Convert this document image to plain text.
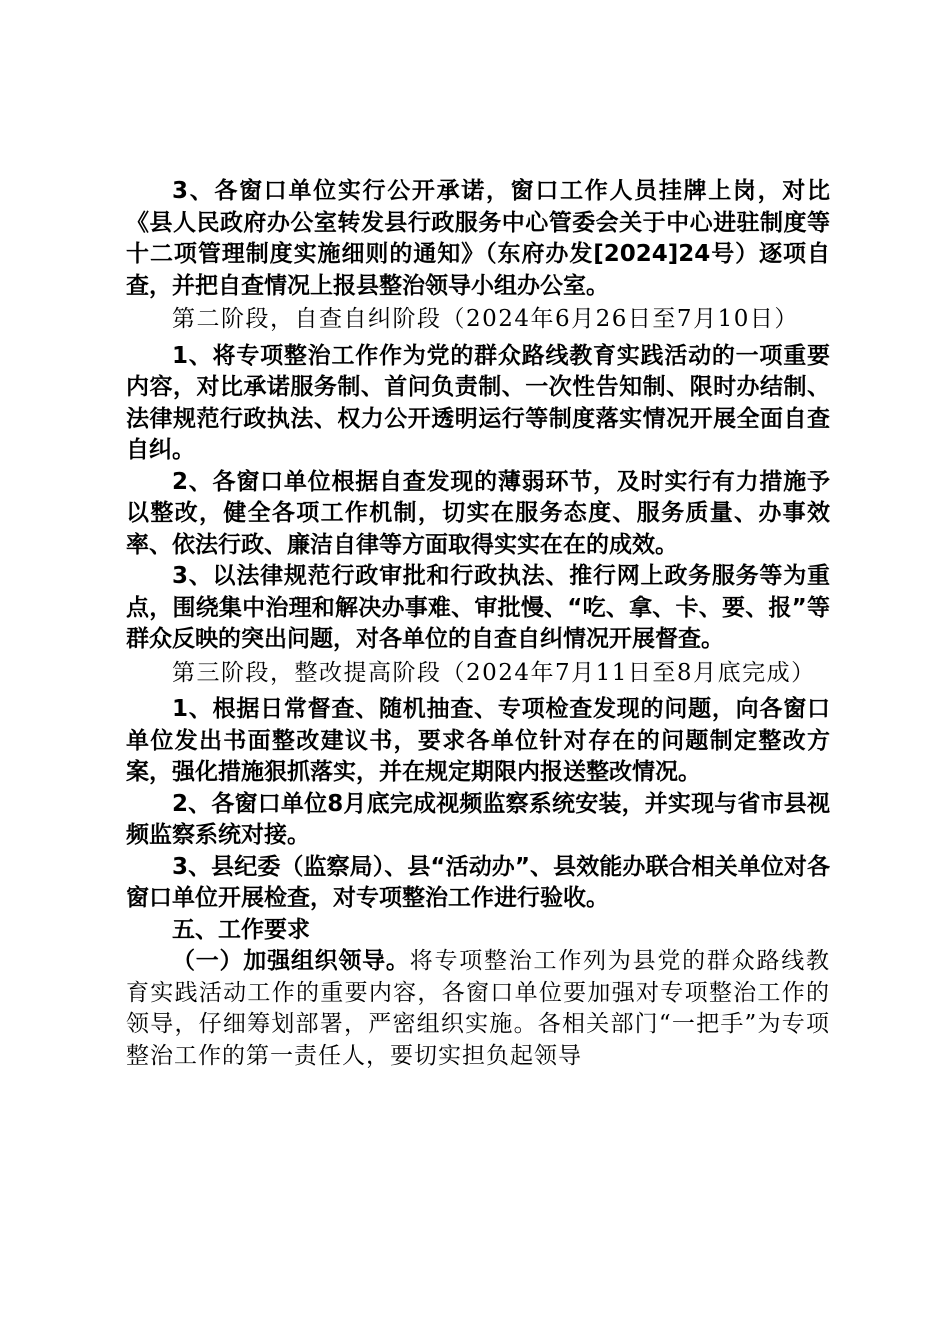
3、各窗口单位实行公开承诺，窗口工作人员挂牌上岗，对比《县人民政府办公室转发县行政服务中心管委会关于中心进驻制度等十二项管理制度实施细则的通知》（东府办发[2024]24号）逐项自查，并把自查情况上报县整治领导小组办公室。

第二阶段，自查自纠阶段（2024年6月26日至7月10日）

1、将专项整治工作作为党的群众路线教育实践活动的一项重要内容，对比承诺服务制、首问负责制、一次性告知制、限时办结制、法律规范行政执法、权力公开透明运行等制度落实情况开展全面自查自纠。

2、各窗口单位根据自查发现的薄弱环节，及时实行有力措施予以整改，健全各项工作机制，切实在服务态度、服务质量、办事效率、依法行政、廉洁自律等方面取得实实在在的成效。

3、以法律规范行政审批和行政执法、推行网上政务服务等为重点，围绕集中治理和解决办事难、审批慢、“吃、拿、卡、要、报”等群众反映的突出问题，对各单位的自查自纠情况开展督查。

第三阶段，整改提高阶段（2024年7月11日至8月底完成）

1、根据日常督查、随机抽查、专项检查发现的问题，向各窗口单位发出书面整改建议书，要求各单位针对存在的问题制定整改方案，强化措施狠抓落实，并在规定期限内报送整改情况。

2、各窗口单位8月底完成视频监察系统安装，并实现与省市县视频监察系统对接。

3、县纪委（监察局）、县“活动办”、县效能办联合相关单位对各窗口单位开展检查，对专项整治工作进行验收。

五、工作要求

（一）加强组织领导。将专项整治工作列为县党的群众路线教育实践活动工作的重要内容，各窗口单位要加强对专项整治工作的领导，仔细筹划部署，严密组织实施。各相关部门“一把手”为专项整治工作的第一责任人，要切实担负起领导
